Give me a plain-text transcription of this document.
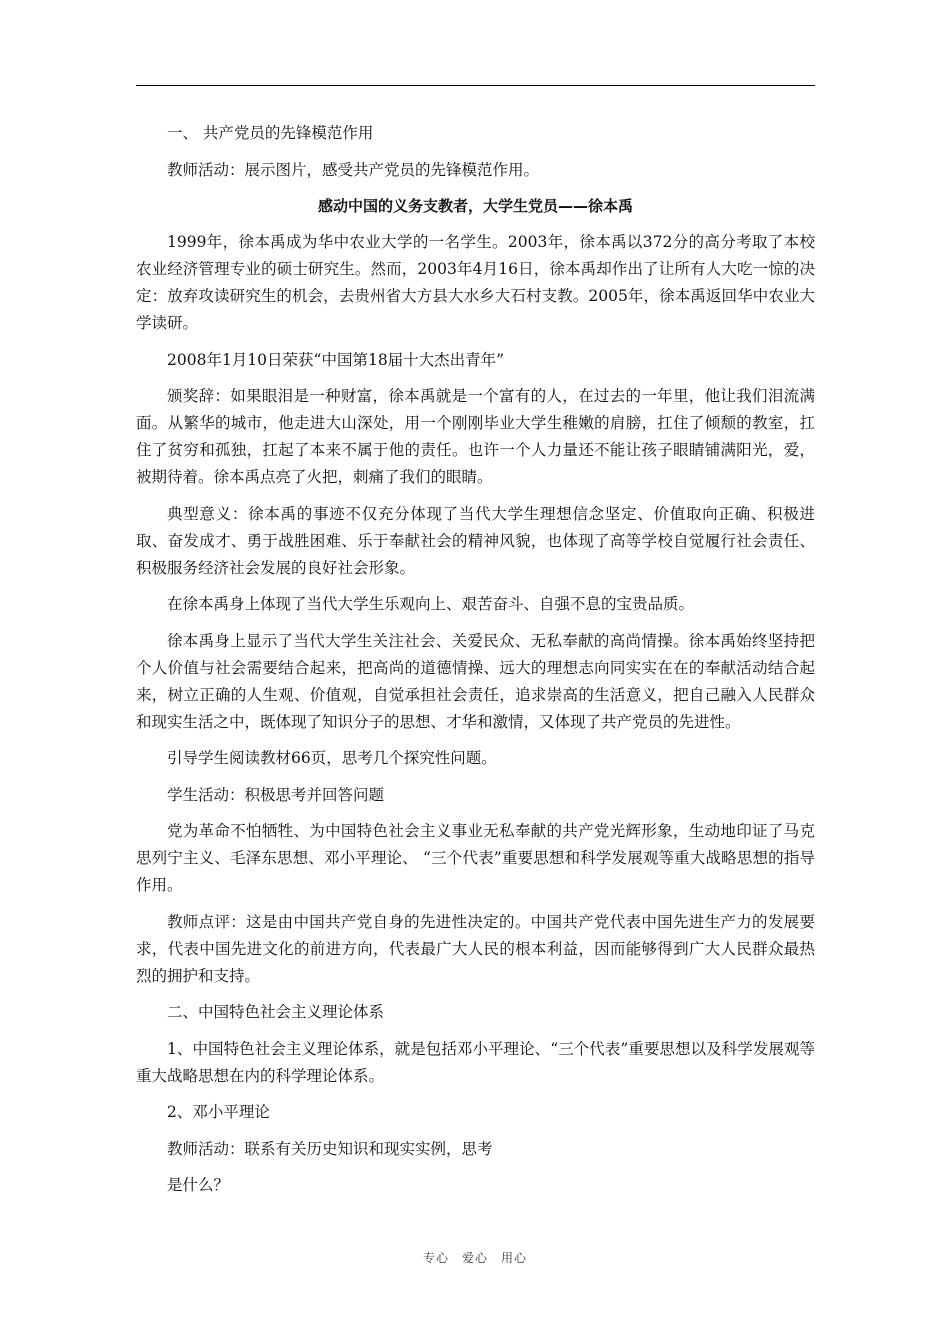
一、 共产党员的先锋模范作用

教师活动：展示图片，感受共产党员的先锋模范作用。

感动中国的义务支教者，大学生党员——徐本禹

1999年，徐本禹成为华中农业大学的一名学生。2003年，徐本禹以372分的高分考取了本校农业经济管理专业的硕士研究生。然而，2003年4月16日，徐本禹却作出了让所有人大吃一惊的决定：放弃攻读研究生的机会，去贵州省大方县大水乡大石村支教。2005年，徐本禹返回华中农业大学读研。

2008年1月10日荣获“中国第18届十大杰出青年”

颁奖辞：如果眼泪是一种财富，徐本禹就是一个富有的人，在过去的一年里，他让我们泪流满面。从繁华的城市，他走进大山深处，用一个刚刚毕业大学生稚嫩的肩膀，扛住了倾颓的教室，扛住了贫穷和孤独，扛起了本来不属于他的责任。也许一个人力量还不能让孩子眼睛铺满阳光，爱，被期待着。徐本禹点亮了火把，刺痛了我们的眼睛。

典型意义：徐本禹的事迹不仅充分体现了当代大学生理想信念坚定、价值取向正确、积极进取、奋发成才、勇于战胜困难、乐于奉献社会的精神风貌，也体现了高等学校自觉履行社会责任、积极服务经济社会发展的良好社会形象。

在徐本禹身上体现了当代大学生乐观向上、艰苦奋斗、自强不息的宝贵品质。

徐本禹身上显示了当代大学生关注社会、关爱民众、无私奉献的高尚情操。徐本禹始终坚持把个人价值与社会需要结合起来，把高尚的道德情操、远大的理想志向同实实在在的奉献活动结合起来，树立正确的人生观、价值观，自觉承担社会责任，追求崇高的生活意义，把自己融入人民群众和现实生活之中，既体现了知识分子的思想、才华和激情，又体现了共产党员的先进性。

引导学生阅读教材66页，思考几个探究性问题。

学生活动：积极思考并回答问题

党为革命不怕牺牲、为中国特色社会主义事业无私奉献的共产党光辉形象，生动地印证了马克思列宁主义、毛泽东思想、邓小平理论、 “三个代表”重要思想和科学发展观等重大战略思想的指导作用。

教师点评：这是由中国共产党自身的先进性决定的。中国共产党代表中国先进生产力的发展要求，代表中国先进文化的前进方向，代表最广大人民的根本利益，因而能够得到广大人民群众最热烈的拥护和支持。

二、中国特色社会主义理论体系

1、中国特色社会主义理论体系，就是包括邓小平理论、“三个代表”重要思想以及科学发展观等重大战略思想在内的科学理论体系。

2、邓小平理论

教师活动：联系有关历史知识和现实实例，思考

是什么？

专心　爱心　用心
